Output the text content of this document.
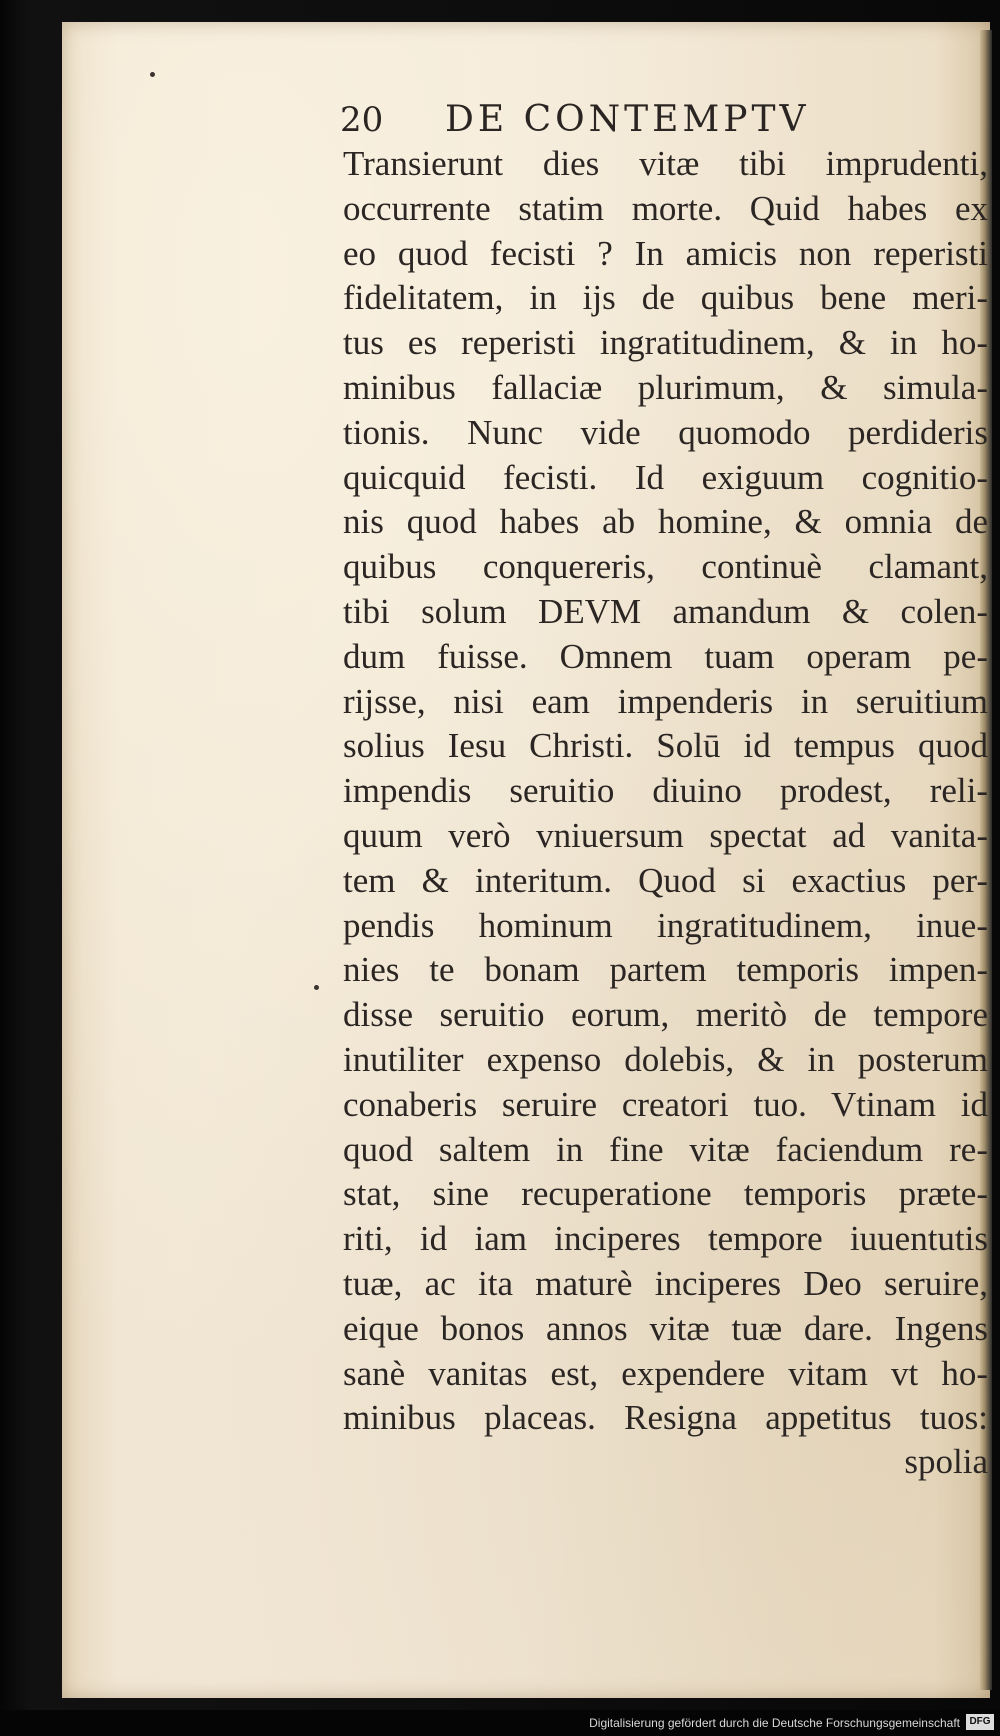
20 DE CONTEMPTV
Transierunt dies vitæ tibi imprudenti,
occurrente statim morte. Quid habes ex
eo quod fecisti ? In amicis non reperisti
fidelitatem, in ijs de quibus bene meri-
tus es reperisti ingratitudinem, & in ho-
minibus fallaciæ plurimum, & simula-
tionis. Nunc vide quomodo perdideris
quicquid fecisti. Id exiguum cognitio-
nis quod habes ab homine, & omnia de
quibus conquereris, continuè clamant,
tibi solum DEVM amandum & colen-
dum fuisse. Omnem tuam operam pe-
rijsse, nisi eam impenderis in seruitium
solius Iesu Christi. Solū id tempus quod
impendis seruitio diuino prodest, reli-
quum verò vniuersum spectat ad vanita-
tem & interitum. Quod si exactius per-
pendis hominum ingratitudinem, inue-
nies te bonam partem temporis impen-
disse seruitio eorum, meritò de tempore
inutiliter expenso dolebis, & in posterum
conaberis seruire creatori tuo. Vtinam id
quod saltem in fine vitæ faciendum re-
stat, sine recuperatione temporis præte-
riti, id iam inciperes tempore iuuentutis
tuæ, ac ita maturè inciperes Deo seruire,
eique bonos annos vitæ tuæ dare. Ingens
sanè vanitas est, expendere vitam vt ho-
minibus placeas. Resigna appetitus tuos:
spolia
Digitalisierung gefördert durch die Deutsche Forschungsgemeinschaft DFG
